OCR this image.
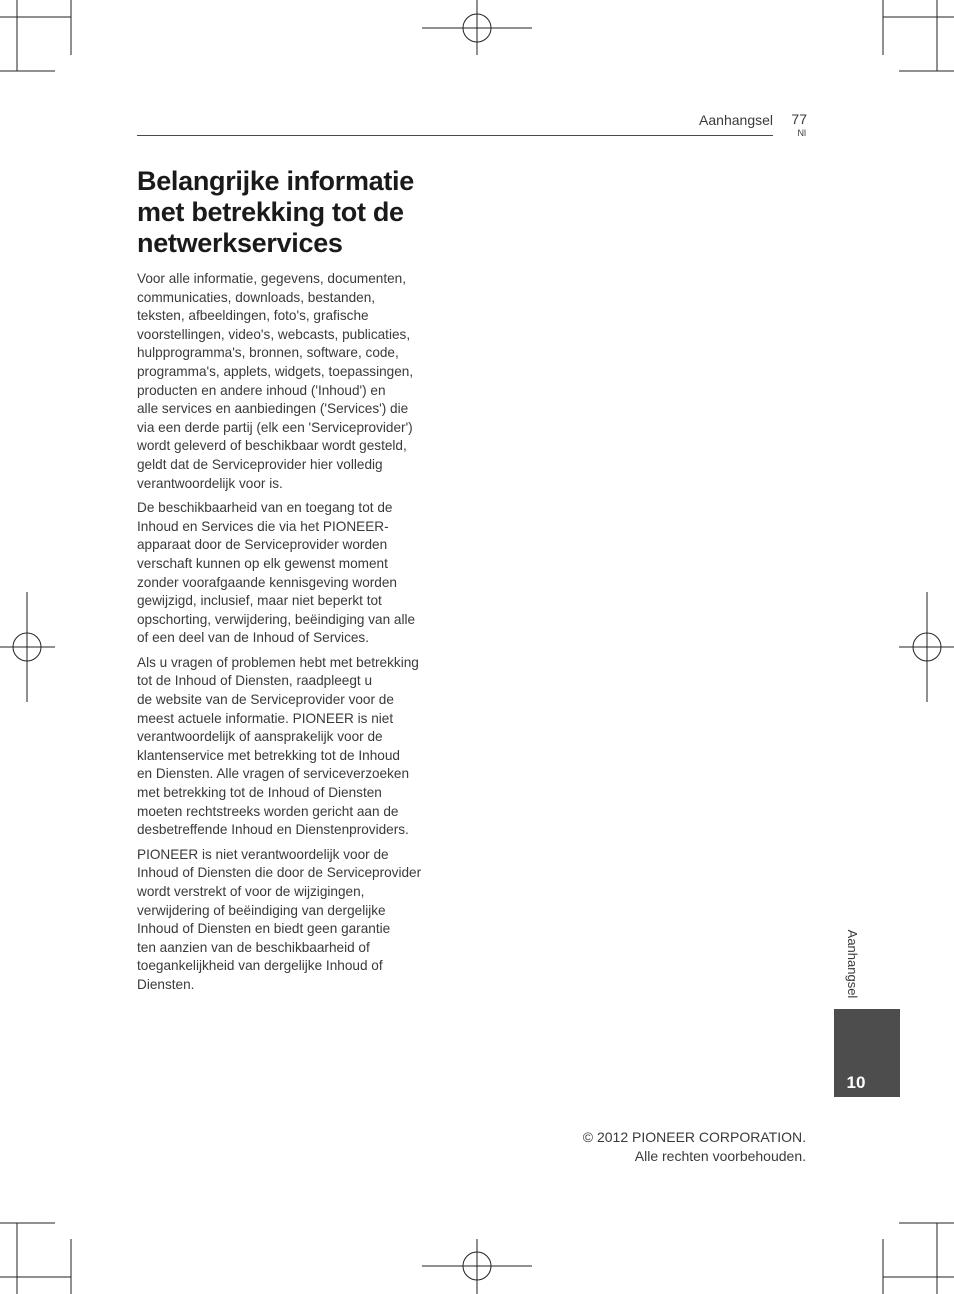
Aanhangsel 77
Nl
Belangrijke informatie met betrekking tot de netwerkservices

Voor alle informatie, gegevens, documenten,
communicaties, downloads, bestanden,
teksten, afbeeldingen, foto's, grafische
voorstellingen, video's, webcasts, publicaties,
hulpprogramma's, bronnen, software, code,
programma's, applets, widgets, toepassingen,
producten en andere inhoud ('Inhoud') en
alle services en aanbiedingen ('Services') die
via een derde partij (elk een 'Serviceprovider')
wordt geleverd of beschikbaar wordt gesteld,
geldt dat de Serviceprovider hier volledig
verantwoordelijk voor is.

De beschikbaarheid van en toegang tot de
Inhoud en Services die via het PIONEER-
apparaat door de Serviceprovider worden
verschaft kunnen op elk gewenst moment
zonder voorafgaande kennisgeving worden
gewijzigd, inclusief, maar niet beperkt tot
opschorting, verwijdering, beëindiging van alle
of een deel van de Inhoud of Services.

Als u vragen of problemen hebt met betrekking
tot de Inhoud of Diensten, raadpleegt u
de website van de Serviceprovider voor de
meest actuele informatie. PIONEER is niet
verantwoordelijk of aansprakelijk voor de
klantenservice met betrekking tot de Inhoud
en Diensten. Alle vragen of serviceverzoeken
met betrekking tot de Inhoud of Diensten
moeten rechtstreeks worden gericht aan de
desbetreffende Inhoud en Dienstenproviders.

PIONEER is niet verantwoordelijk voor de
Inhoud of Diensten die door de Serviceprovider
wordt verstrekt of voor de wijzigingen,
verwijdering of beëindiging van dergelijke
Inhoud of Diensten en biedt geen garantie
ten aanzien van de beschikbaarheid of
toegankelijkheid van dergelijke Inhoud of
Diensten.	Aanhangsel
10
© 2012 PIONEER CORPORATION.
Alle rechten voorbehouden.
